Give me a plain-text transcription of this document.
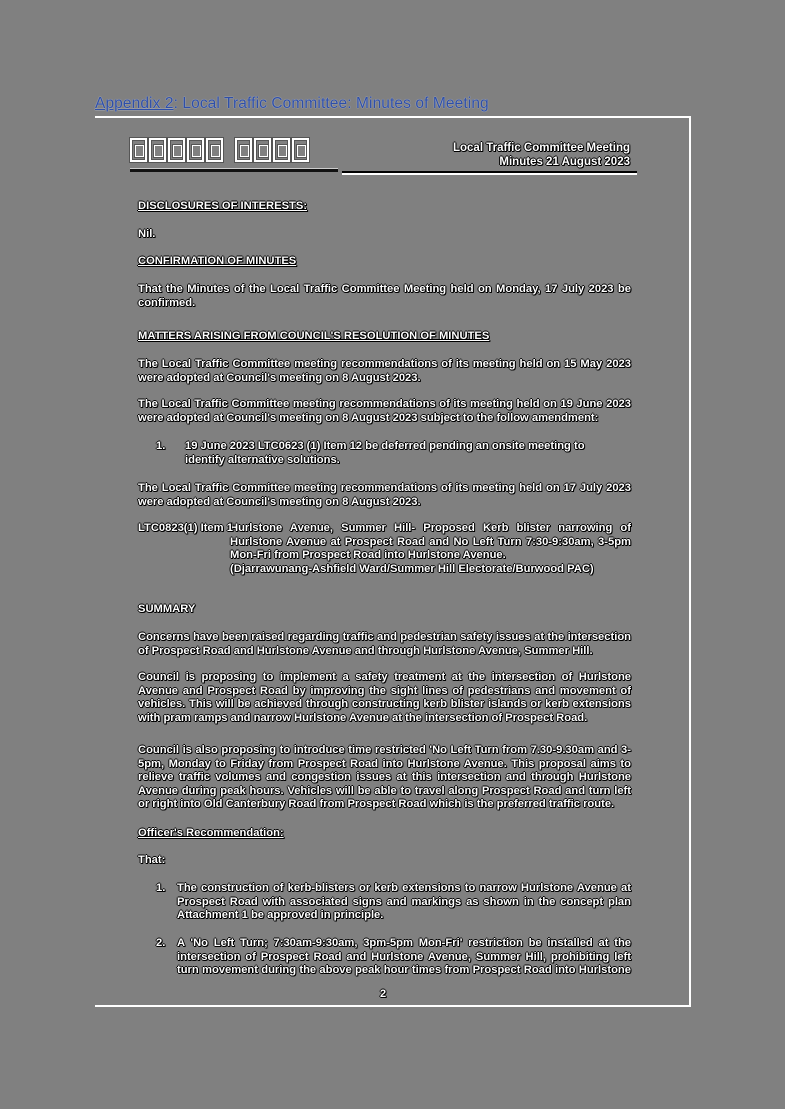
Appendix 2: Local Traffic Committee: Minutes of Meeting
Local Traffic Committee Meeting
Minutes 21 August 2023

DISCLOSURES OF INTERESTS:

Nil.

CONFIRMATION OF MINUTES

That the Minutes of the Local Traffic Committee Meeting held on Monday, 17 July 2023 be confirmed.

MATTERS ARISING FROM COUNCIL'S RESOLUTION OF MINUTES

The Local Traffic Committee meeting recommendations of its meeting held on 15 May 2023 were adopted at Council's meeting on 8 August 2023.

The Local Traffic Committee meeting recommendations of its meeting held on 19 June 2023 were adopted at Council's meeting on 8 August 2023 subject to the follow amendment:

1. 19 June 2023 LTC0623 (1) Item 12 be deferred pending an onsite meeting to identify alternative solutions.

The Local Traffic Committee meeting recommendations of its meeting held on 17 July 2023 were adopted at Council's meeting on 8 August 2023.

LTC0823(1) Item 1

Hurlstone Avenue, Summer Hill- Proposed Kerb blister narrowing of Hurlstone Avenue at Prospect Road and No Left Turn 7:30-9:30am, 3-5pm Mon-Fri from Prospect Road into Hurlstone Avenue.

(Djarrawunang-Ashfield Ward/Summer Hill Electorate/Burwood PAC)

SUMMARY

Concerns have been raised regarding traffic and pedestrian safety issues at the intersection of Prospect Road and Hurlstone Avenue and through Hurlstone Avenue, Summer Hill.

Council is proposing to implement a safety treatment at the intersection of Hurlstone Avenue and Prospect Road by improving the sight lines of pedestrians and movement of vehicles. This will be achieved through constructing kerb blister islands or kerb extensions with pram ramps and narrow Hurlstone Avenue at the intersection of Prospect Road.

Council is also proposing to introduce time restricted 'No Left Turn from 7.30-9.30am and 3-5pm, Monday to Friday from Prospect Road into Hurlstone Avenue. This proposal aims to relieve traffic volumes and congestion issues at this intersection and through Hurlstone Avenue during peak hours. Vehicles will be able to travel along Prospect Road and turn left or right into Old Canterbury Road from Prospect Road which is the preferred traffic route.

Officer's Recommendation:

That:

1. The construction of kerb-blisters or kerb extensions to narrow Hurlstone Avenue at Prospect Road with associated signs and markings as shown in the concept plan Attachment 1 be approved in principle.

2. A 'No Left Turn; 7:30am-9:30am, 3pm-5pm Mon-Fri' restriction be installed at the intersection of Prospect Road and Hurlstone Avenue, Summer Hill, prohibiting left turn movement during the above peak hour times from Prospect Road into Hurlstone

2
